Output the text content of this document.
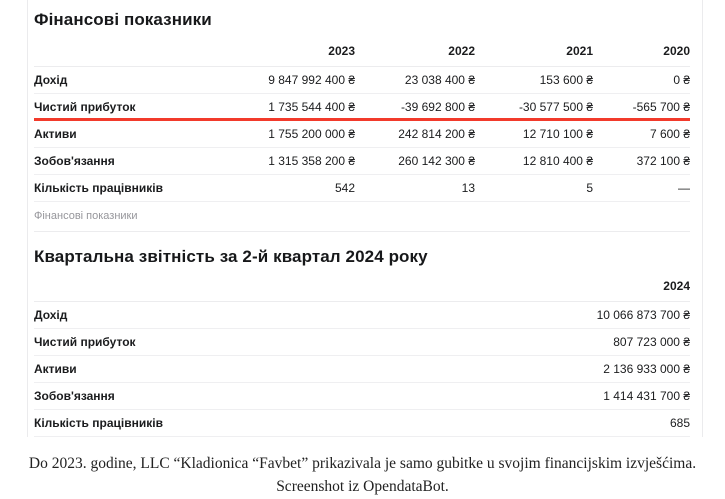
Фінансові показники
	2023	2022	2021	2020
Дохід	9 847 992 400 ₴	23 038 400 ₴	153 600 ₴	0 ₴
Чистий прибуток	1 735 544 400 ₴	-39 692 800 ₴	-30 577 500 ₴	-565 700 ₴
Активи	1 755 200 000 ₴	242 814 200 ₴	12 710 100 ₴	7 600 ₴
Зобов'язання	1 315 358 200 ₴	260 142 300 ₴	12 810 400 ₴	372 100 ₴
Кількість працівників	542	13	5	—
Фінансові показники
Квартальна звітність за 2-й квартал 2024 року
	2024
Дохід	10 066 873 700 ₴
Чистий прибуток	807 723 000 ₴
Активи	2 136 933 000 ₴
Зобов'язання	1 414 431 700 ₴
Кількість працівників	685
Do 2023. godine, LLC “Kladionica “Favbet” prikazivala je samo gubitke u svojim financijskim izvješćima.
Screenshot iz OpendataBot.
